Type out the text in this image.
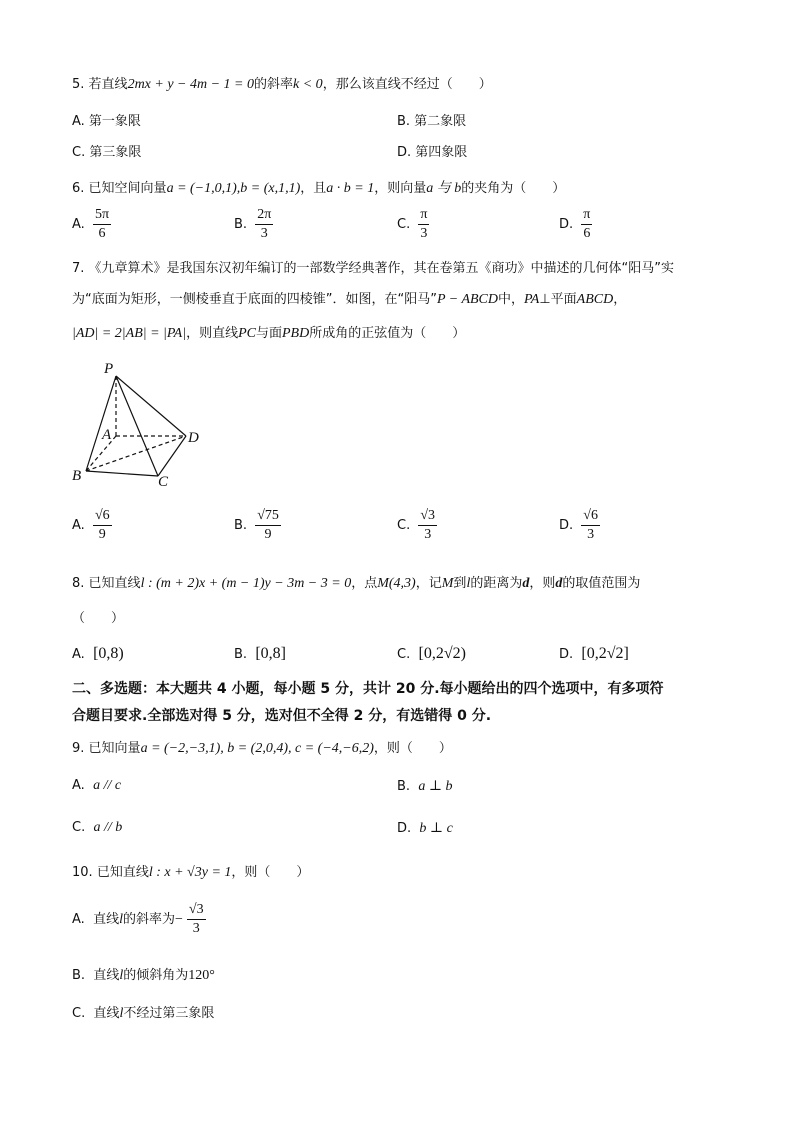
5. 若直线2mx + y − 4m − 1 = 0的斜率k < 0，那么该直线不经过（　　）
A. 第一象限	B. 第二象限
C. 第三象限	D. 第四象限
6. 已知空间向量a = (−1,0,1),b = (x,1,1)，且a · b = 1，则向量a 与 b的夹角为（　　）
A. $\frac{5\pi}{6}$	B. $\frac{2\pi}{3}$	C. $\frac{\pi}{3}$	D. $\frac{\pi}{6}$
7. 《九章算术》是我国东汉初年编订的一部数学经典著作，其在卷第五《商功》中描述的几何体“阳马”实
为“底面为矩形，一侧棱垂直于底面的四棱锥”．如图，在“阳马”P − ABCD中，PA⊥平面ABCD，
|AD| = 2|AB| = |PA|，则直线PC与面PBD所成角的正弦值为（　　）
P
A
B	C
D
A. $\frac{√6}{9}$	B. $\frac{√75}{9}$	C. $\frac{√3}{3}$	D. $\frac{√6}{3}$
8. 已知直线l : (m + 2)x + (m − 1)y − 3m − 3 = 0，点M(4,3)，记M到l的距离为d，则d的取值范围为
（　　）
A.  [0,8)	B.  [0,8]	C.  [0,2√2)	D.  [0,2√2]
二、多选题：本大题共 4 小题，每小题 5 分，共计 20 分.每小题给出的四个选项中，有多项符
合题目要求.全部选对得 5 分，选对但不全得 2 分，有选错得 0 分.
9. 已知向量a = (−2,−3,1), b = (2,0,4), c = (−4,−6,2)，则（　　）
A.  a // c	B.  a ⊥ b
C.  a // b	D.  b ⊥ c
10. 已知直线l : x + √3y = 1，则（　　）
A.  直线l的斜率为− $\frac{√3}{3}$
B.  直线l的倾斜角为120°
C.  直线l不经过第三象限
